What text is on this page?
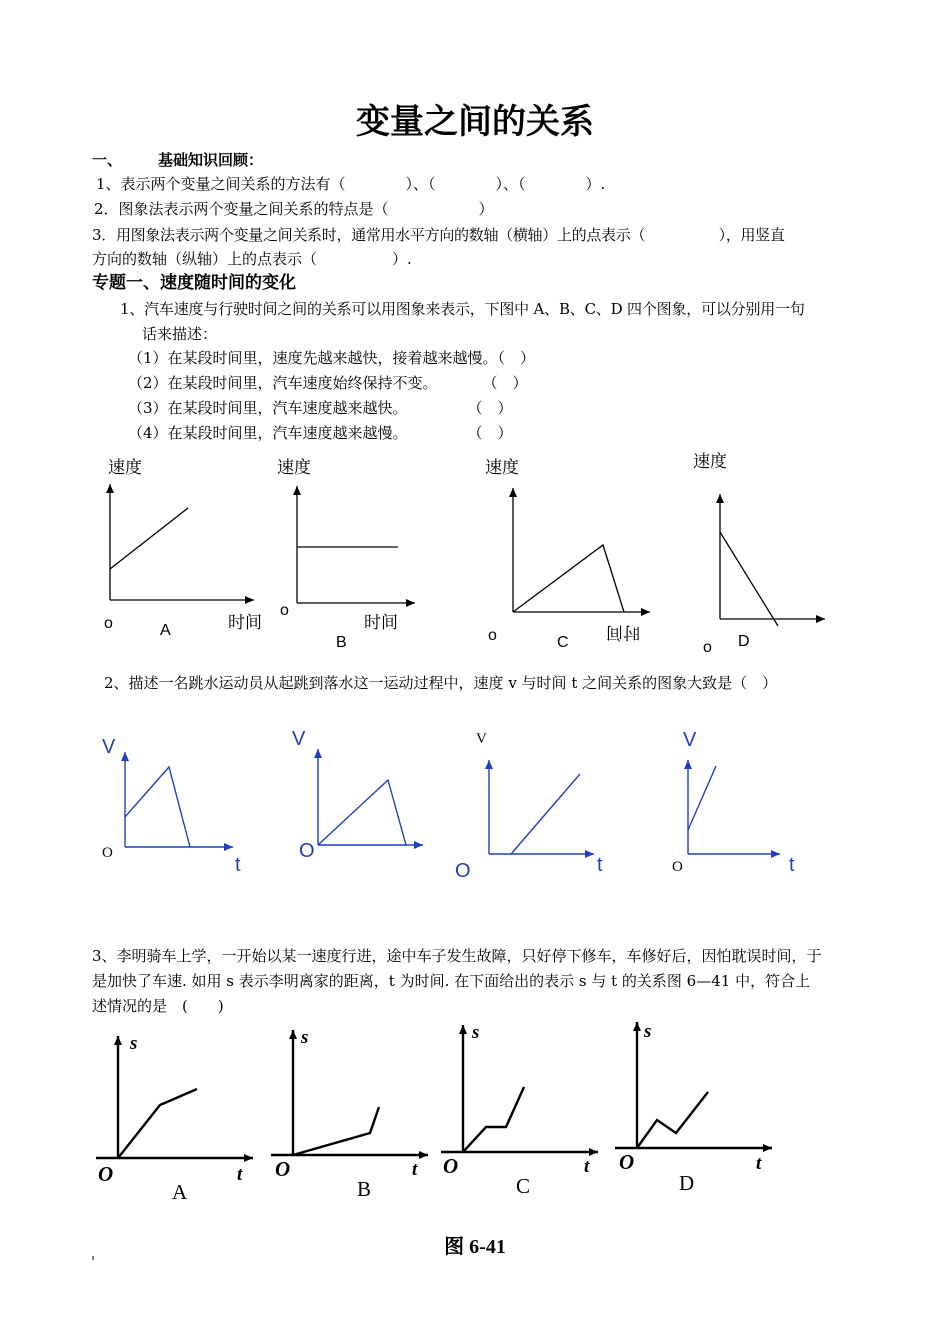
变量之间的关系
一、 基础知识回顾：
1、表示两个变量之间关系的方法有（　　　　）、（　　　　）、（　　　　）.
2．图象法表示两个变量之间关系的特点是（　　　　　　）
3．用图象法表示两个变量之间关系时，通常用水平方向的数轴（横轴）上的点表示（　　　　　），用竖直
方向的数轴（纵轴）上的点表示（　　　　　）.
专题一、速度随时间的变化
1、汽车速度与行驶时间之间的关系可以用图象来表示，下图中 A、B、C、D 四个图象，可以分别用一句
话来描述：
（1）在某段时间里，速度先越来越快，接着越来越慢。（　）
（2）在某段时间里，汽车速度始终保持不变。　　　　（　）
（3）在某段时间里，汽车速度越来越快。　　　　　（　）
（4）在某段时间里，汽车速度越来越慢。　　　　　（　）
2、描述一名跳水运动员从起跳到落水这一运动过程中，速度 v 与时间 t 之间关系的图象大致是（　）
3、李明骑车上学，一开始以某一速度行进，途中车子发生故障，只好停下修车，车修好后，因怕耽误时间，于
是加快了车速. 如用 s 表示李明离家的距离，t 为时间. 在下面给出的表示 s 与 t 的关系图 6—41 中，符合上
述情况的是　(　　)
图 6-41
速度	速度	速度	速度
时间	时间	时间
o
o
o
o
A
B	C	D
V	V	V
O
O
t	t	t
O
V
O
s	s	s	s
t	t	t	t
O	O	O	O
A	B	C	D
